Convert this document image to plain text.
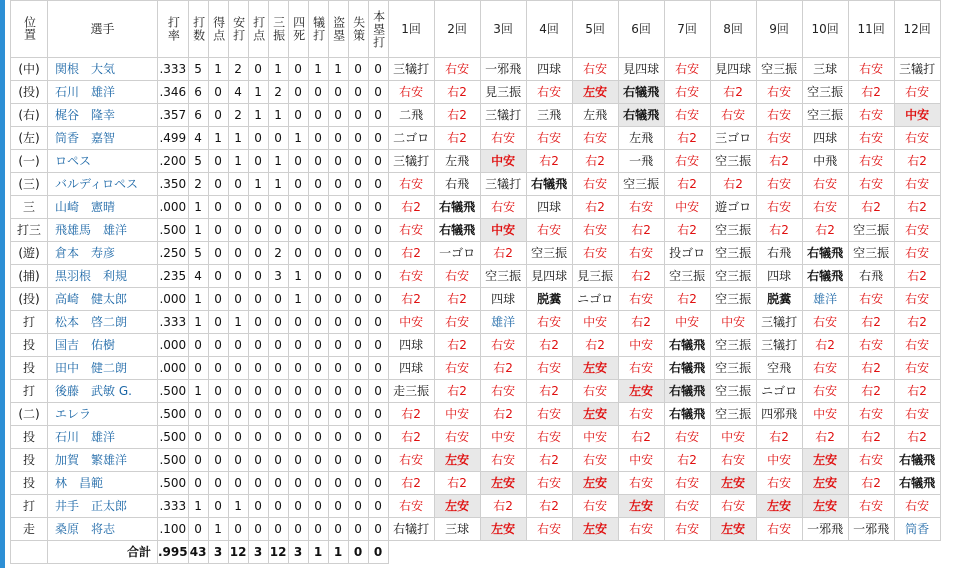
位置	選手	打率	打数	得点	安打	打点	三振	四死	犠打	盗塁	失策	本塁打	1回	2回	3回	4回	5回	6回	7回	8回	9回	10回	11回	12回
(中)	関根　大気	.333	5	1	2	0	1	0	1	1	0	0	三犠打	右安	一邪飛	四球	右安	見四球	右安	見四球	空三振	三球	右安	三犠打
(投)	石川　雄洋	.346	6	0	4	1	2	0	0	0	0	0	右安	右2	見三振	右安	左安	右犠飛	右安	右2	右安	空三振	右2	右安
(右)	梶谷　隆幸	.357	6	0	2	1	1	0	0	0	0	0	二飛	右2	三犠打	三飛	左飛	右犠飛	右安	右安	右安	空三振	右安	中安
(左)	筒香　嘉智	.499	4	1	1	0	0	1	0	0	0	0	二ゴロ	右2	右安	右安	右安	左飛	右2	三ゴロ	右安	四球	右安	右安
(一)	ロペス	.200	5	0	1	0	1	0	0	0	0	0	三犠打	左飛	中安	右2	右2	一飛	右安	空三振	右2	中飛	右安	右2
(三)	バルディロペス	.350	2	0	0	1	1	0	0	0	0	0	右安	右飛	三犠打	右犠飛	右安	空三振	右2	右2	右安	右安	右安	右安
三	山崎　憲晴	.000	1	0	0	0	0	0	0	0	0	0	右2	右犠飛	右安	四球	右2	右安	中安	遊ゴロ	右安	右安	右2	右2
打三	飛雄馬　雄洋	.500	1	0	0	0	0	0	0	0	0	0	右安	右犠飛	中安	右安	右安	右2	右2	空三振	右2	右2	空三振	右安
(遊)	倉本　寿彦	.250	5	0	0	0	2	0	0	0	0	0	右2	一ゴロ	右2	空三振	右安	右安	投ゴロ	空三振	右飛	右犠飛	空三振	右安
(捕)	黒羽根　利規	.235	4	0	0	0	3	1	0	0	0	0	右安	右安	空三振	見四球	見三振	右2	空三振	空三振	四球	右犠飛	右飛	右2
(投)	高崎　健太郎	.000	1	0	0	0	0	1	0	0	0	0	右2	右2	四球	脱糞	ニゴロ	右安	右2	空三振	脱糞	雄洋	右安	右安
打	松本　啓二朗	.333	1	0	1	0	0	0	0	0	0	0	中安	右安	雄洋	右安	中安	右2	中安	中安	三犠打	右安	右2	右2
投	国吉　佑樹	.000	0	0	0	0	0	0	0	0	0	0	四球	右2	右安	右2	右2	中安	右犠飛	空三振	三犠打	右2	右安	右安
投	田中　健二朗	.000	0	0	0	0	0	0	0	0	0	0	四球	右安	右2	右安	左安	右安	右犠飛	空三振	空飛	右安	右2	右安
打	後藤　武敏 G.	.500	1	0	0	0	0	0	0	0	0	0	走三振	右2	右安	右2	右安	左安	右犠飛	空三振	ニゴロ	右安	右2	右2
(二)	エレラ	.500	0	0	0	0	0	0	0	0	0	0	右2	中安	右2	右安	左安	右安	右犠飛	空三振	四邪飛	中安	右安	右安
投	石川　雄洋	.500	0	0	0	0	0	0	0	0	0	0	右2	右安	中安	右安	中安	右2	右安	中安	右2	右2	右2	右2
投	加賀　繁雄洋	.500	0	0	0	0	0	0	0	0	0	0	右安	左安	右安	右2	右安	中安	右2	右安	中安	左安	右安	右犠飛
投	林　昌範	.500	0	0	0	0	0	0	0	0	0	0	右2	右2	左安	右安	左安	右安	右安	左安	右安	左安	右2	右犠飛
打	井手　正太郎	.333	1	0	1	0	0	0	0	0	0	0	右安	左安	右2	右2	右安	左安	右安	右安	左安	左安	右安	右安
走	桑原　将志	.100	0	1	0	0	0	0	0	0	0	0	右犠打	三球	左安	右安	左安	右安	右安	左安	右安	一邪飛	一邪飛	筒香
	合計	.995	43	3	12	3	12	3	1	1	0	0												
